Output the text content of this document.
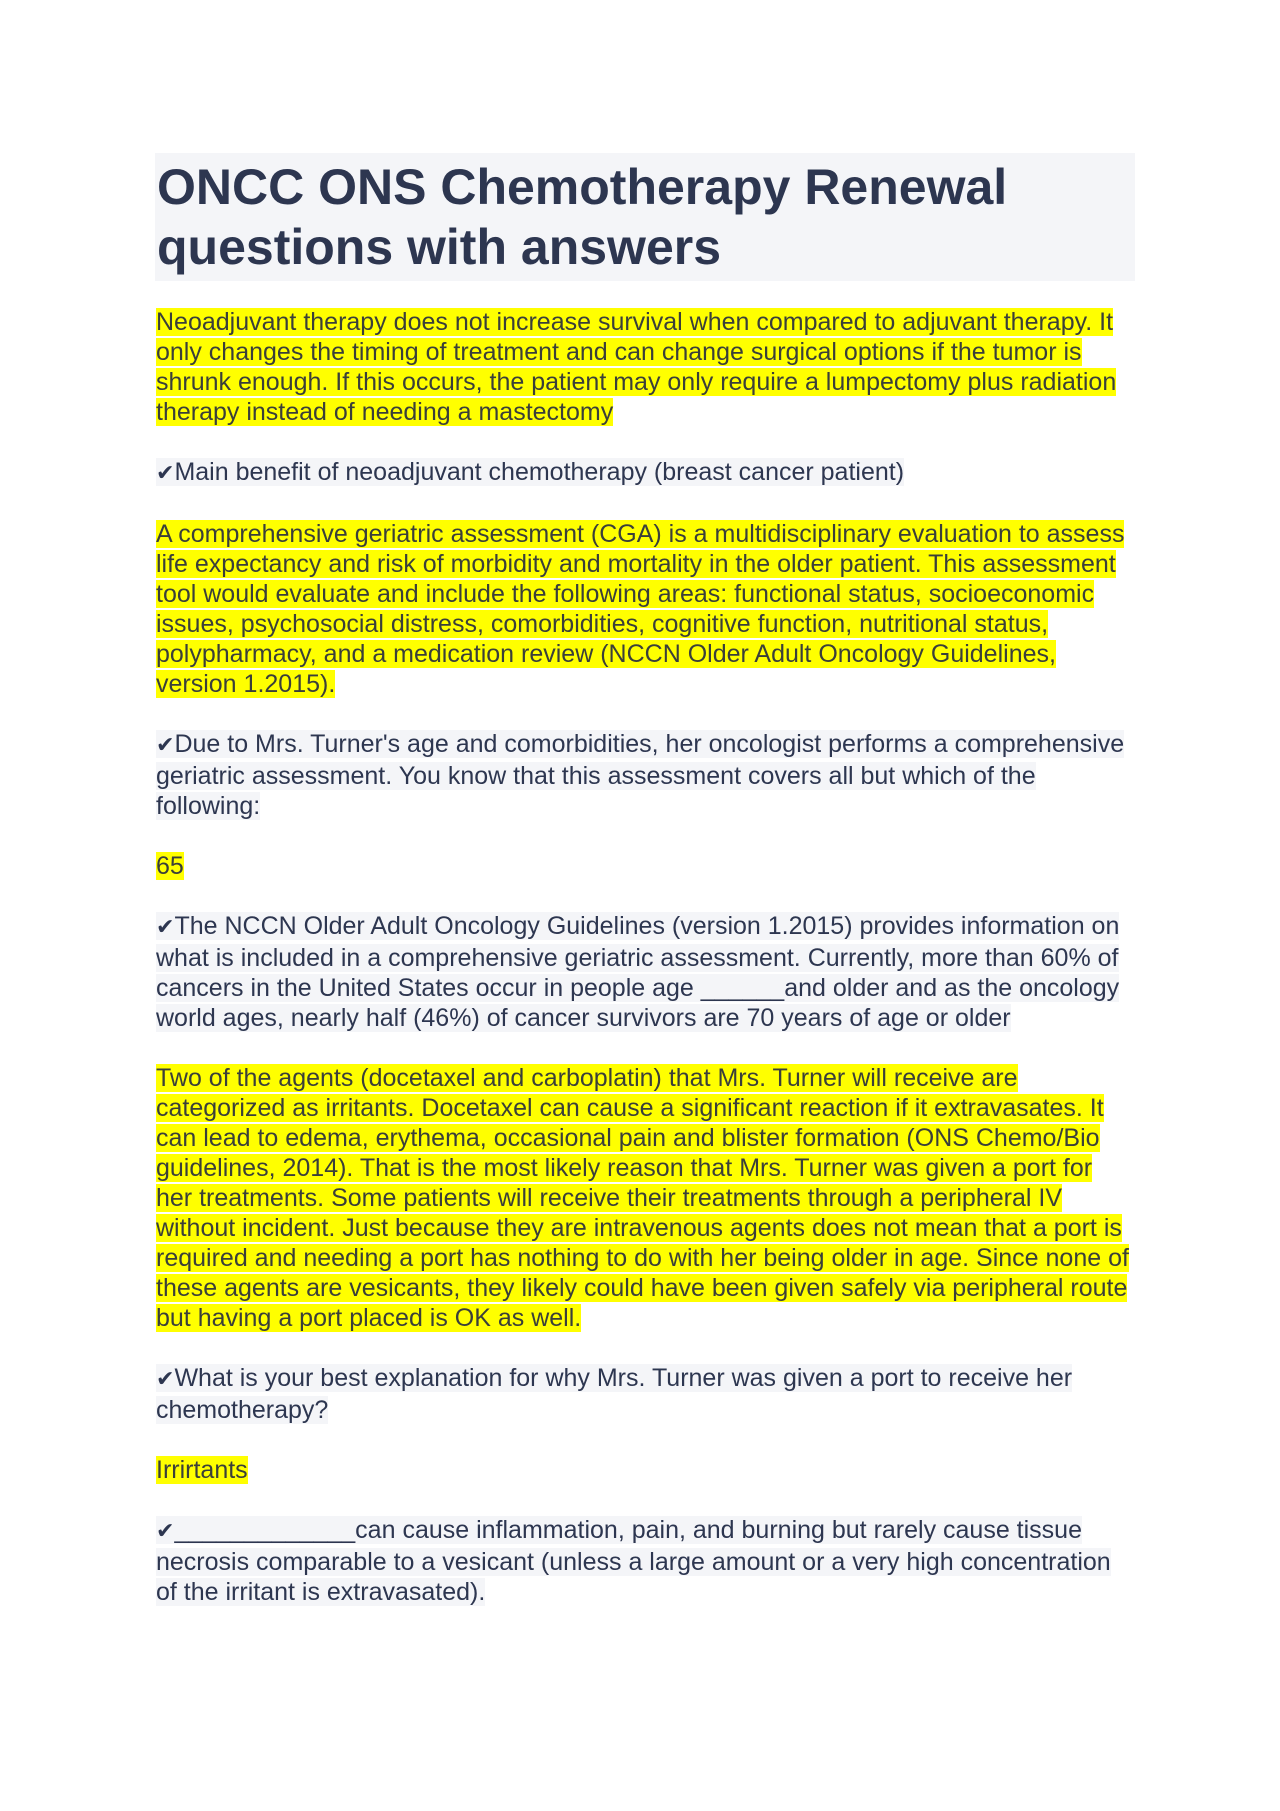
ONCC ONS Chemotherapy Renewal questions with answers

Neoadjuvant therapy does not increase survival when compared to adjuvant therapy. It only changes the timing of treatment and can change surgical options if the tumor is shrunk enough. If this occurs, the patient may only require a lumpectomy plus radiation therapy instead of needing a mastectomy

✔Main benefit of neoadjuvant chemotherapy (breast cancer patient)

A comprehensive geriatric assessment (CGA) is a multidisciplinary evaluation to assess life expectancy and risk of morbidity and mortality in the older patient. This assessment tool would evaluate and include the following areas: functional status, socioeconomic issues, psychosocial distress, comorbidities, cognitive function, nutritional status, polypharmacy, and a medication review (NCCN Older Adult Oncology Guidelines, version 1.2015).

✔Due to Mrs. Turner's age and comorbidities, her oncologist performs a comprehensive geriatric assessment. You know that this assessment covers all but which of the following:

65

✔The NCCN Older Adult Oncology Guidelines (version 1.2015) provides information on what is included in a comprehensive geriatric assessment. Currently, more than 60% of cancers in the United States occur in people age ______and older and as the oncology world ages, nearly half (46%) of cancer survivors are 70 years of age or older

Two of the agents (docetaxel and carboplatin) that Mrs. Turner will receive are categorized as irritants. Docetaxel can cause a significant reaction if it extravasates. It can lead to edema, erythema, occasional pain and blister formation (ONS Chemo/Bio guidelines, 2014). That is the most likely reason that Mrs. Turner was given a port for her treatments. Some patients will receive their treatments through a peripheral IV without incident. Just because they are intravenous agents does not mean that a port is required and needing a port has nothing to do with her being older in age. Since none of these agents are vesicants, they likely could have been given safely via peripheral route but having a port placed is OK as well.

✔What is your best explanation for why Mrs. Turner was given a port to receive her chemotherapy?

Irrirtants

✔_____________can cause inflammation, pain, and burning but rarely cause tissue necrosis comparable to a vesicant (unless a large amount or a very high concentration of the irritant is extravasated).
